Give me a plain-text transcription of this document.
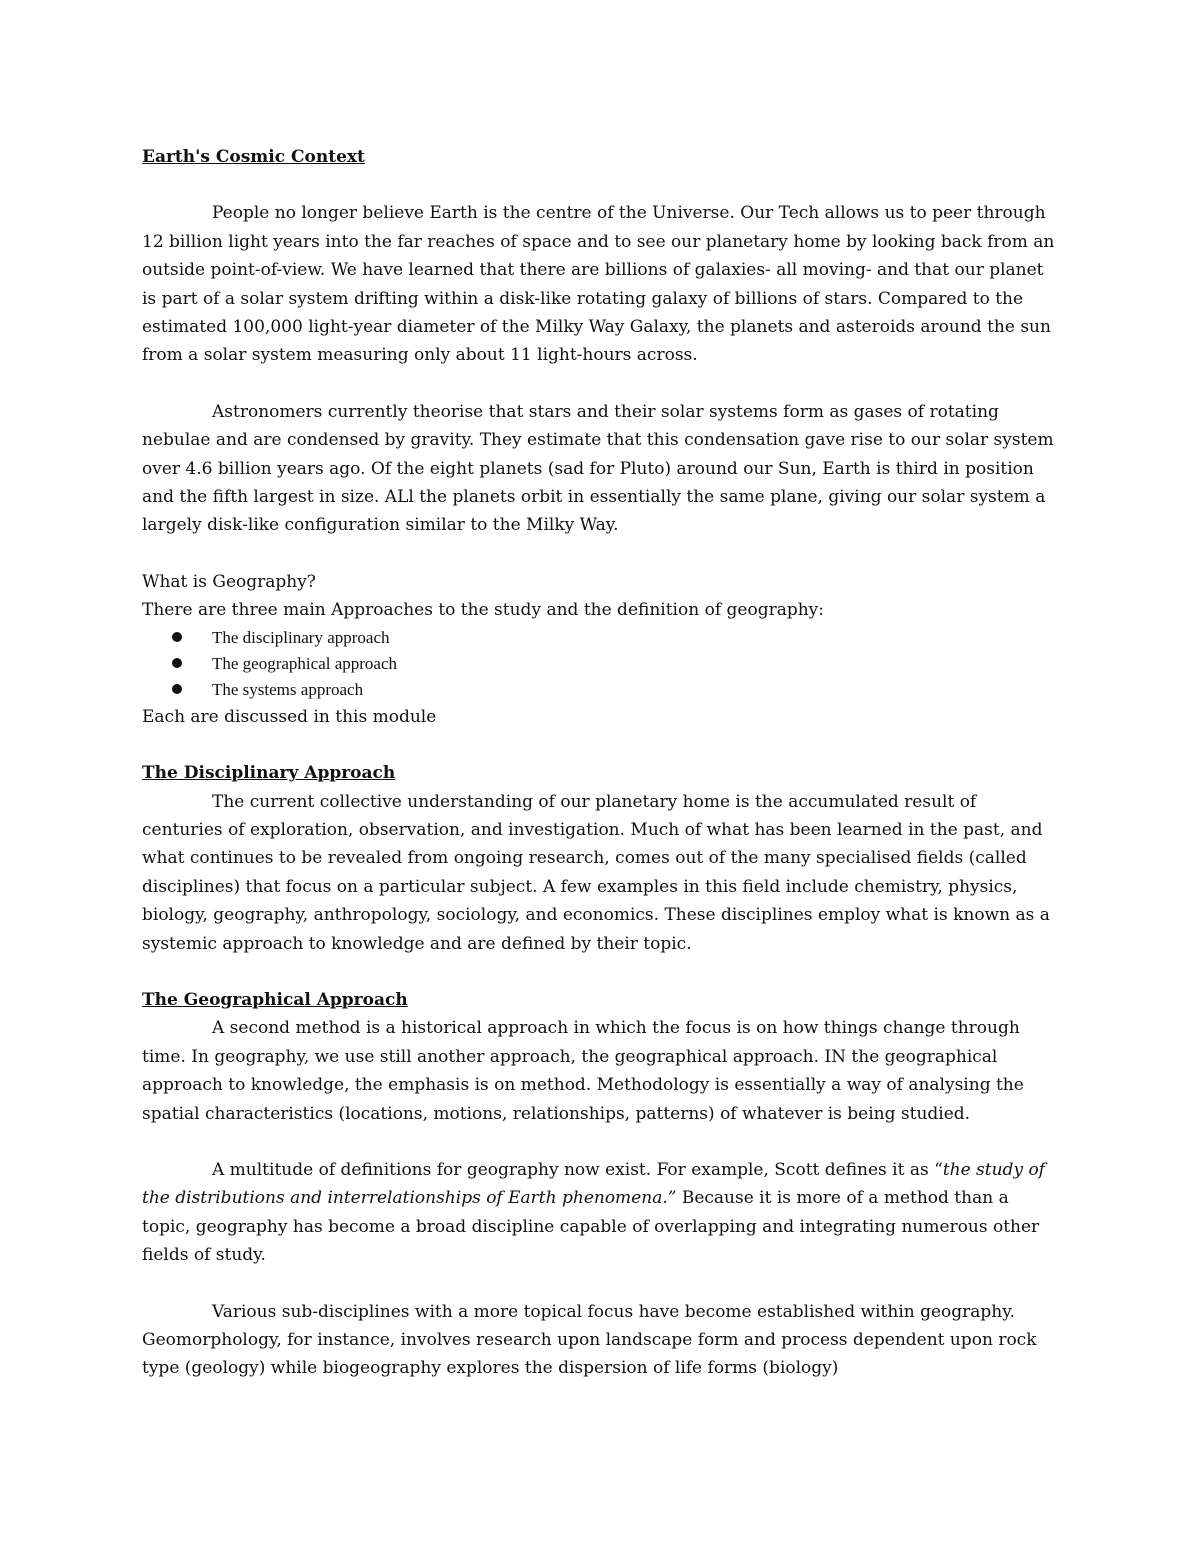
Earth's Cosmic Context

People no longer believe Earth is the centre of the Universe. Our Tech allows us to peer through 12 billion light years into the far reaches of space and to see our planetary home by looking back from an outside point-of-view. We have learned that there are billions of galaxies- all moving- and that our planet is part of a solar system drifting within a disk-like rotating galaxy of billions of stars. Compared to the estimated 100,000 light-year diameter of the Milky Way Galaxy, the planets and asteroids around the sun from a solar system measuring only about 11 light-hours across.

Astronomers currently theorise that stars and their solar systems form as gases of rotating nebulae and are condensed by gravity. They estimate that this condensation gave rise to our solar system over 4.6 billion years ago. Of the eight planets (sad for Pluto) around our Sun, Earth is third in position and the fifth largest in size. ALl the planets orbit in essentially the same plane, giving our solar system a largely disk-like configuration similar to the Milky Way.

What is Geography?

There are three main Approaches to the study and the definition of geography:

The disciplinary approach
The geographical approach
The systems approach

Each are discussed in this module

The Disciplinary Approach

The current collective understanding of our planetary home is the accumulated result of centuries of exploration, observation, and investigation. Much of what has been learned in the past, and what continues to be revealed from ongoing research, comes out of the many specialised fields (called disciplines) that focus on a particular subject. A few examples in this field include chemistry, physics, biology, geography, anthropology, sociology, and economics. These disciplines employ what is known as a systemic approach to knowledge and are defined by their topic.

The Geographical Approach

A second method is a historical approach in which the focus is on how things change through time. In geography, we use still another approach, the geographical approach. IN the geographical approach to knowledge, the emphasis is on method. Methodology is essentially a way of analysing the spatial characteristics (locations, motions, relationships, patterns) of whatever is being studied.

A multitude of definitions for geography now exist. For example, Scott defines it as “the study of the distributions and interrelationships of Earth phenomena.” Because it is more of a method than a topic, geography has become a broad discipline capable of overlapping and integrating numerous other fields of study.

Various sub-disciplines with a more topical focus have become established within geography. Geomorphology, for instance, involves research upon landscape form and process dependent upon rock type (geology) while biogeography explores the dispersion of life forms (biology)
